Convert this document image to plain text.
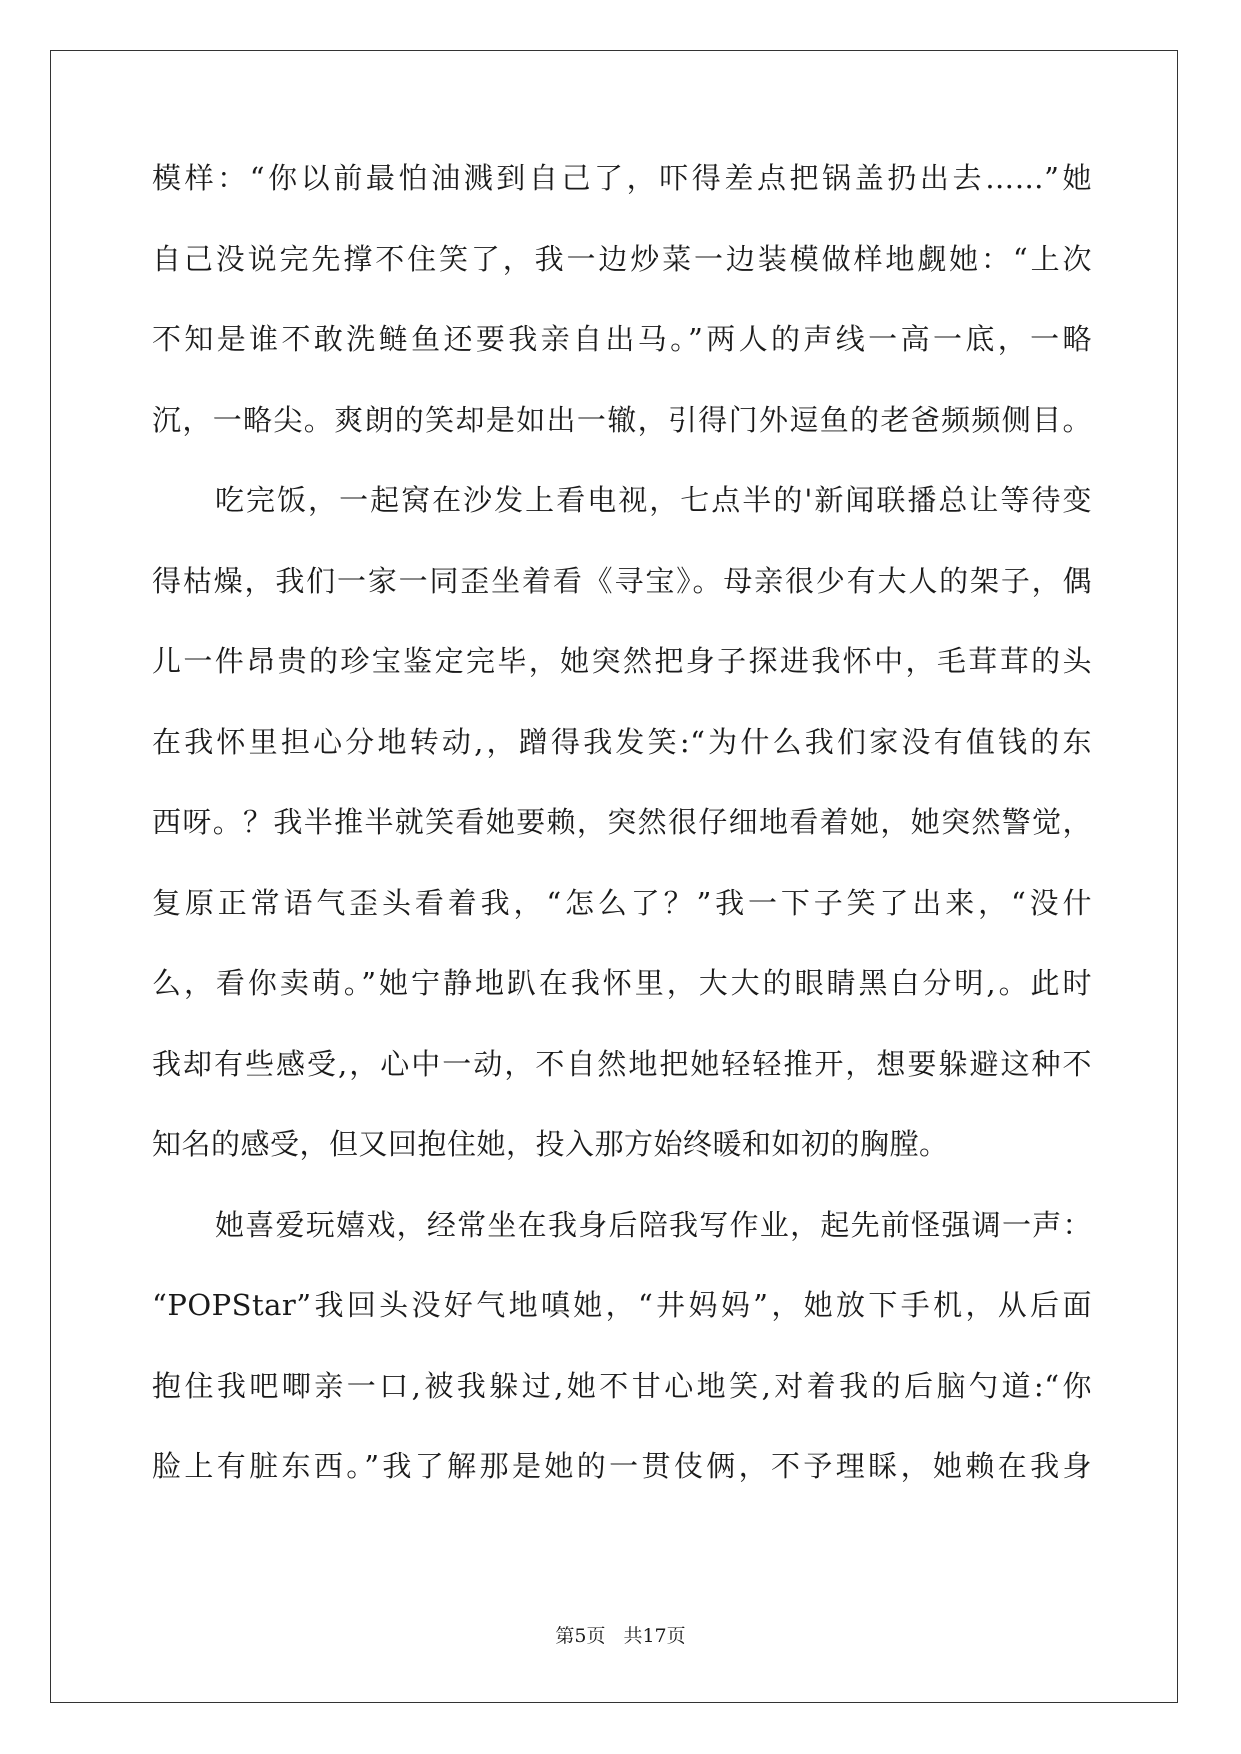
模样：“你以前最怕油溅到自己了，吓得差点把锅盖扔出去……”她
自己没说完先撑不住笑了，我一边炒菜一边装模做样地觑她：“上次
不知是谁不敢洗鲢鱼还要我亲自出马。”两人的声线一高一底，一略
沉，一略尖。爽朗的笑却是如出一辙，引得门外逗鱼的老爸频频侧目。
吃完饭，一起窝在沙发上看电视，七点半的'新闻联播总让等待变
得枯燥，我们一家一同歪坐着看《寻宝》。母亲很少有大人的架子，偶
儿一件昂贵的珍宝鉴定完毕，她突然把身子探进我怀中，毛茸茸的头
在我怀里担心分地转动,，蹭得我发笑:“为什么我们家没有值钱的东
西呀。？我半推半就笑看她要赖，突然很仔细地看着她，她突然警觉，
复原正常语气歪头看着我，“怎么了？”我一下子笑了出来，“没什
么，看你卖萌。”她宁静地趴在我怀里，大大的眼睛黑白分明,。此时
我却有些感受,，心中一动，不自然地把她轻轻推开，想要躲避这种不
知名的感受，但又回抱住她，投入那方始终暖和如初的胸膛。
她喜爱玩嬉戏，经常坐在我身后陪我写作业，起先前怪强调一声：
“POPStar”我回头没好气地嗔她，“井妈妈”，她放下手机，从后面
抱住我吧唧亲一口,被我躲过,她不甘心地笑,对着我的后脑勺道:“你
脸上有脏东西。”我了解那是她的一贯伎俩，不予理睬，她赖在我身
第5页 共17页
